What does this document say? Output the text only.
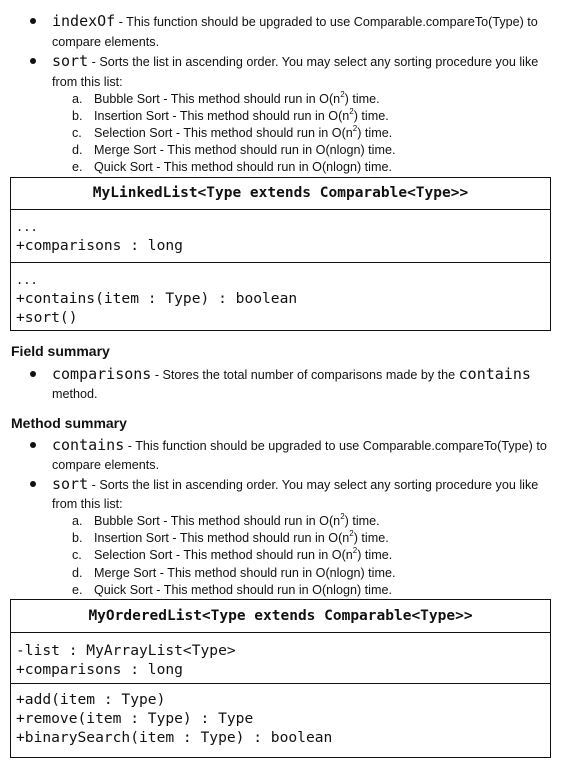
indexOf - This function should be upgraded to use Comparable.compareTo(Type) to
compare elements.
sort - Sorts the list in ascending order. You may select any sorting procedure you like
from this list:
a. Bubble Sort - This method should run in $O(n^2)$ time.
b. Insertion Sort - This method should run in $O(n^2)$ time.
c. Selection Sort - This method should run in $O(n^2)$ time.
d. Merge Sort - This method should run in O(nlogn) time.
e. Quick Sort - This method should run in O(nlogn) time.
MyLinkedList<Type extends Comparable<Type>>
...
+comparisons : long
...
+contains(item : Type) : boolean
+sort()
Field summary
comparisons - Stores the total number of comparisons made by the contains
method.
Method summary
contains - This function should be upgraded to use Comparable.compareTo(Type) to
compare elements.
sort - Sorts the list in ascending order. You may select any sorting procedure you like
from this list:
a. Bubble Sort - This method should run in $O(n^2)$ time.
b. Insertion Sort - This method should run in $O(n^2)$ time.
c. Selection Sort - This method should run in $O(n^2)$ time.
d. Merge Sort - This method should run in O(nlogn) time.
e. Quick Sort - This method should run in O(nlogn) time.
MyOrderedList<Type extends Comparable<Type>>
-list : MyArrayList<Type>
+comparisons : long
+add(item : Type)
+remove(item : Type) : Type
+binarySearch(item : Type) : boolean
